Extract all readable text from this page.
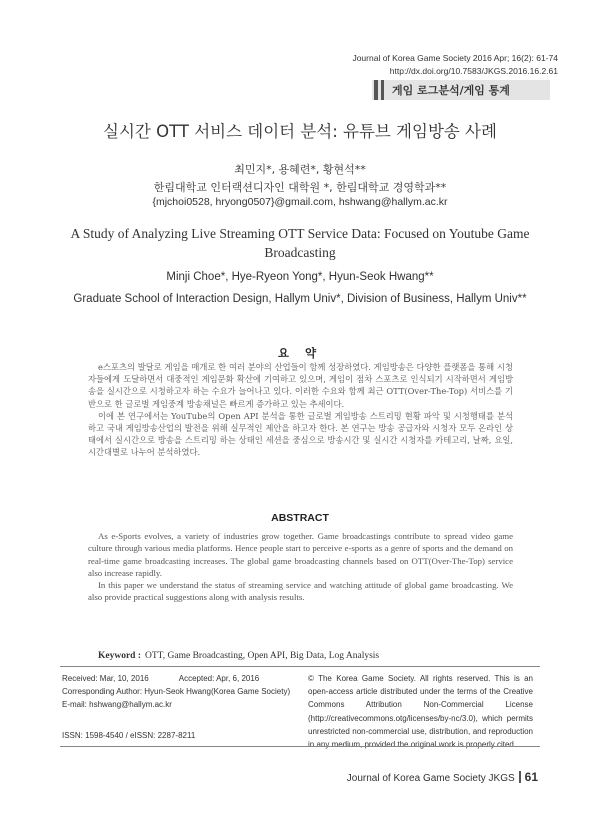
Journal of Korea Game Society 2016 Apr; 16(2): 61-74
http://dx.doi.org/10.7583/JKGS.2016.16.2.61
게임 로그분석/게임 통계
실시간 OTT 서비스 데이터 분석: 유튜브 게임방송 사례
최민지*, 용혜련*, 황현석**
한림대학교 인터랙션디자인 대학원 *, 한림대학교 경영학과**
{mjchoi0528, hryong0507}@gmail.com, hshwang@hallym.ac.kr
A Study of Analyzing Live Streaming OTT Service Data: Focused on Youtube Game Broadcasting
Minji Choe*, Hye-Ryeon Yong*, Hyun-Seok Hwang**
Graduate School of Interaction Design, Hallym Univ*, Division of Business, Hallym Univ**
요 약

e스포츠의 발달로 게임을 매개로 한 여러 분야의 산업들이 함께 성장하였다. 게임방송은 다양한 플랫폼을 통해 시청자들에게 도달하면서 대중적인 게임문화 확산에 기여하고 있으며, 게임이 점차 스포츠로 인식되기 시작하면서 게임방송을 실시간으로 시청하고자 하는 수요가 늘어나고 있다. 이러한 수요와 함께 최근 OTT(Over-The-Top) 서비스를 기반으로 한 글로벌 게임중계 방송채널은 빠르게 증가하고 있는 추세이다.

이에 본 연구에서는 YouTube의 Open API 분석을 통한 글로벌 게임방송 스트리밍 현황 파악 및 시청행태를 분석하고 국내 게임방송산업의 발전을 위해 실무적인 제안을 하고자 한다. 본 연구는 방송 공급자와 시청자 모두 온라인 상태에서 실시간으로 방송을 스트리밍 하는 상태인 세션을 중심으로 방송시간 및 실시간 시청자를 카테고리, 날짜, 요일, 시간대별로 나누어 분석하였다.

ABSTRACT

As e-Sports evolves, a variety of industries grow together. Game broadcastings contribute to spread video game culture through various media platforms. Hence people start to perceive e-sports as a genre of sports and the demand on real-time game broadcasting increases. The global game broadcasting channels based on OTT(Over-The-Top) service also increase rapidly.

In this paper we understand the status of streaming service and watching attitude of global game broadcasting. We also provide practical suggestions along with analysis results.

Keyword : OTT, Game Broadcasting, Open API, Big Data, Log Analysis
Received: Mar, 10, 2016	Accepted: Apr, 6, 2016
Corresponding Author: Hyun-Seok Hwang(Korea Game Society)
E-mail: hshwang@hallym.ac.kr
ISSN: 1598-4540 / eISSN: 2287-8211
© The Korea Game Society. All rights reserved. This is an open-access article distributed under the terms of the Creative Commons Attribution Non-Commercial License (http://creativecommons.otg/licenses/by-nc/3.0), which permits unrestricted non-commercial use, distribution, and reproduction in any medium, provided the original work is properly cited.
Journal of Korea Game Society JKGS 61
